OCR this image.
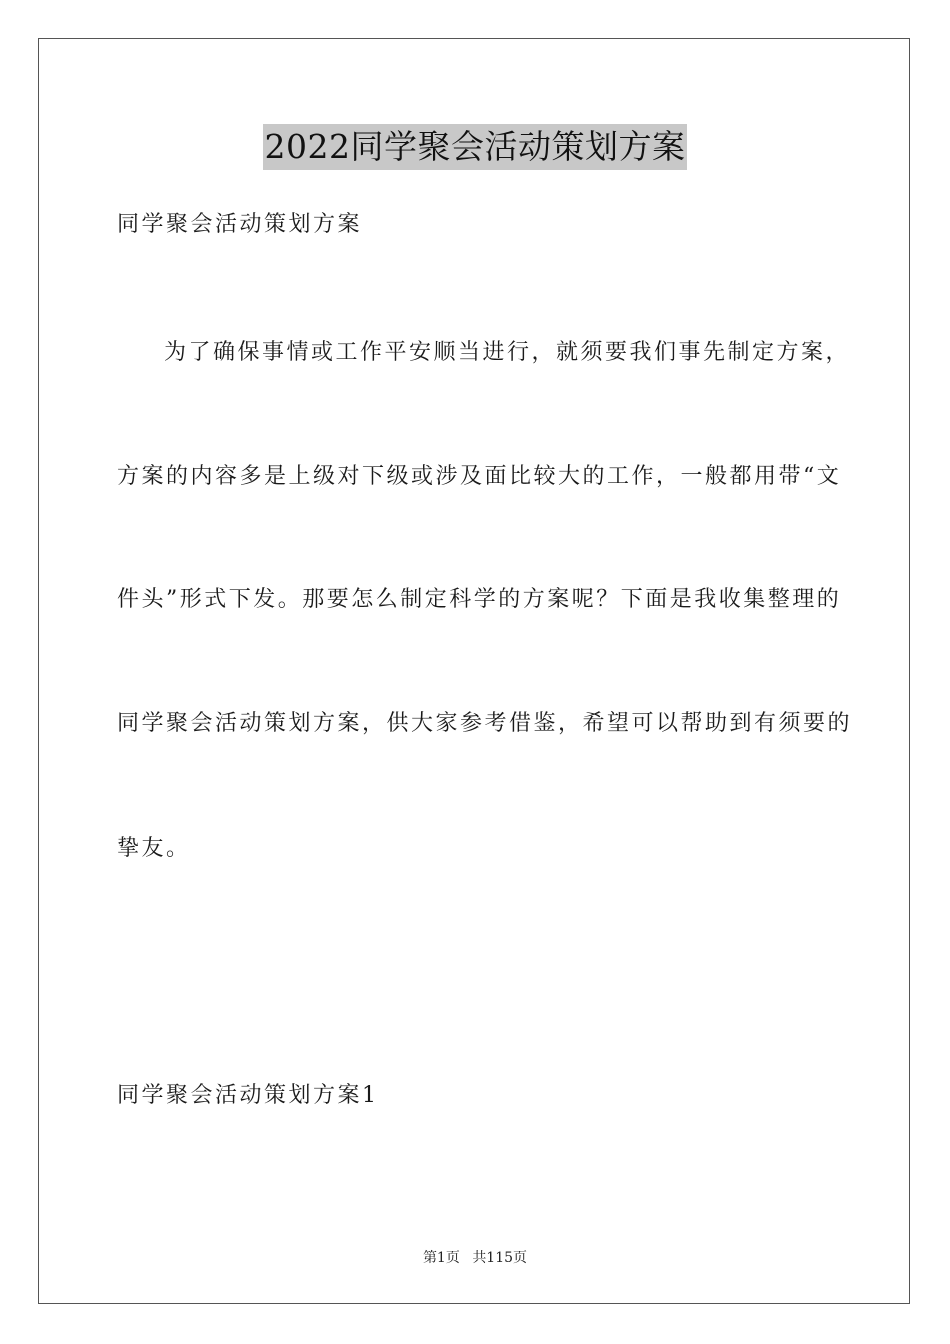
2022同学聚会活动策划方案
同学聚会活动策划方案
为了确保事情或工作平安顺当进行，就须要我们事先制定方案，
方案的内容多是上级对下级或涉及面比较大的工作，一般都用带“文
件头”形式下发。那要怎么制定科学的方案呢？下面是我收集整理的
同学聚会活动策划方案，供大家参考借鉴，希望可以帮助到有须要的
挚友。
同学聚会活动策划方案1
第1页 共115页
